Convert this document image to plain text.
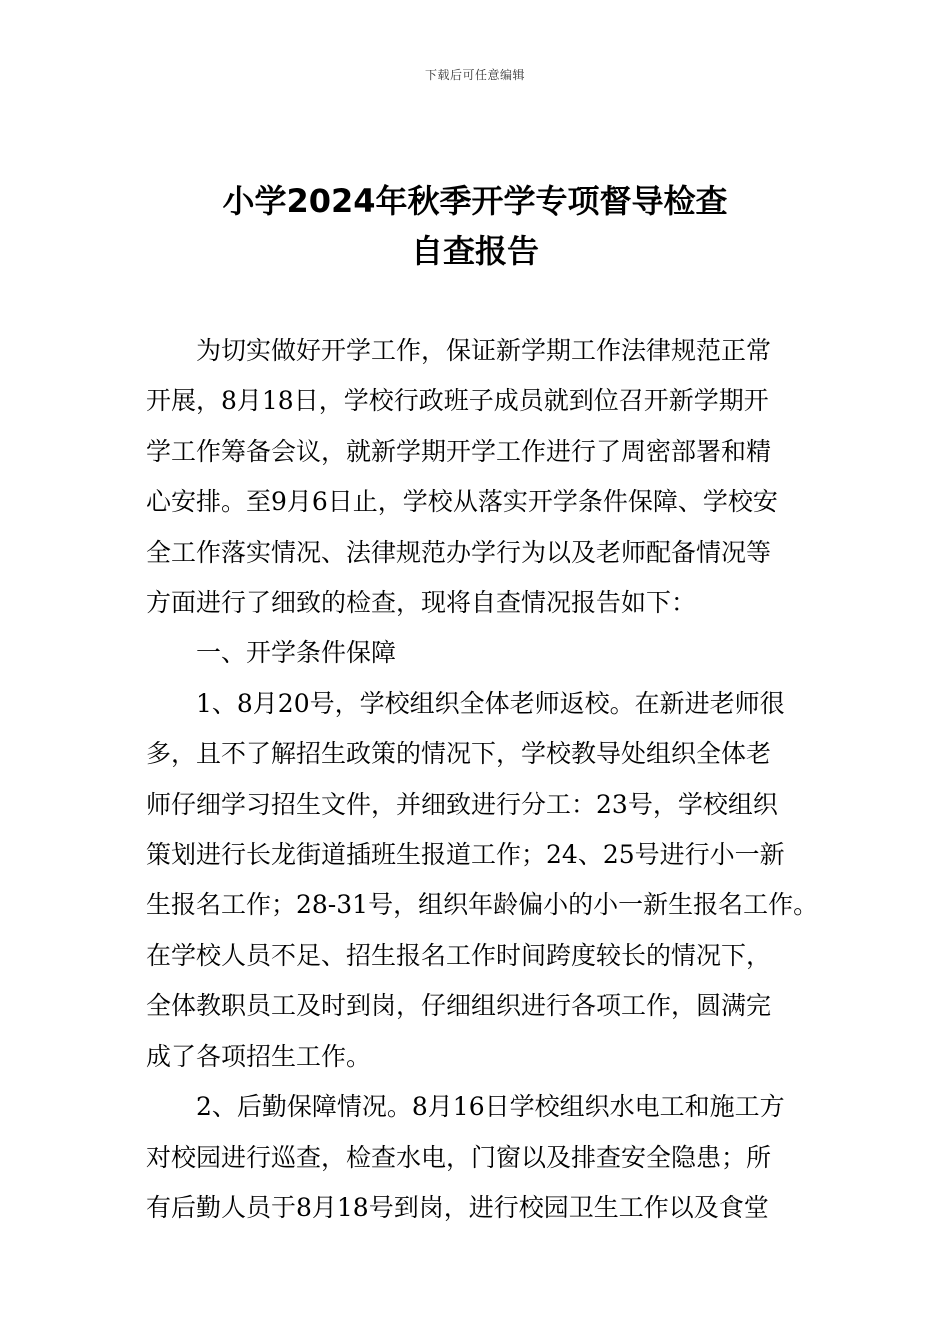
下载后可任意编辑
小学2024年秋季开学专项督导检查
自查报告
为切实做好开学工作，保证新学期工作法律规范正常
开展，8月18日，学校行政班子成员就到位召开新学期开
学工作筹备会议，就新学期开学工作进行了周密部署和精
心安排。至9月6日止，学校从落实开学条件保障、学校安
全工作落实情况、法律规范办学行为以及老师配备情况等
方面进行了细致的检查，现将自查情况报告如下：
一、开学条件保障
1、8月20号，学校组织全体老师返校。在新进老师很
多，且不了解招生政策的情况下，学校教导处组织全体老
师仔细学习招生文件，并细致进行分工：23号，学校组织
策划进行长龙街道插班生报道工作；24、25号进行小一新
生报名工作；28-31号，组织年龄偏小的小一新生报名工作。
在学校人员不足、招生报名工作时间跨度较长的情况下，
全体教职员工及时到岗，仔细组织进行各项工作，圆满完
成了各项招生工作。
2、后勤保障情况。8月16日学校组织水电工和施工方
对校园进行巡查，检查水电，门窗以及排查安全隐患；所
有后勤人员于8月18号到岗，进行校园卫生工作以及食堂
